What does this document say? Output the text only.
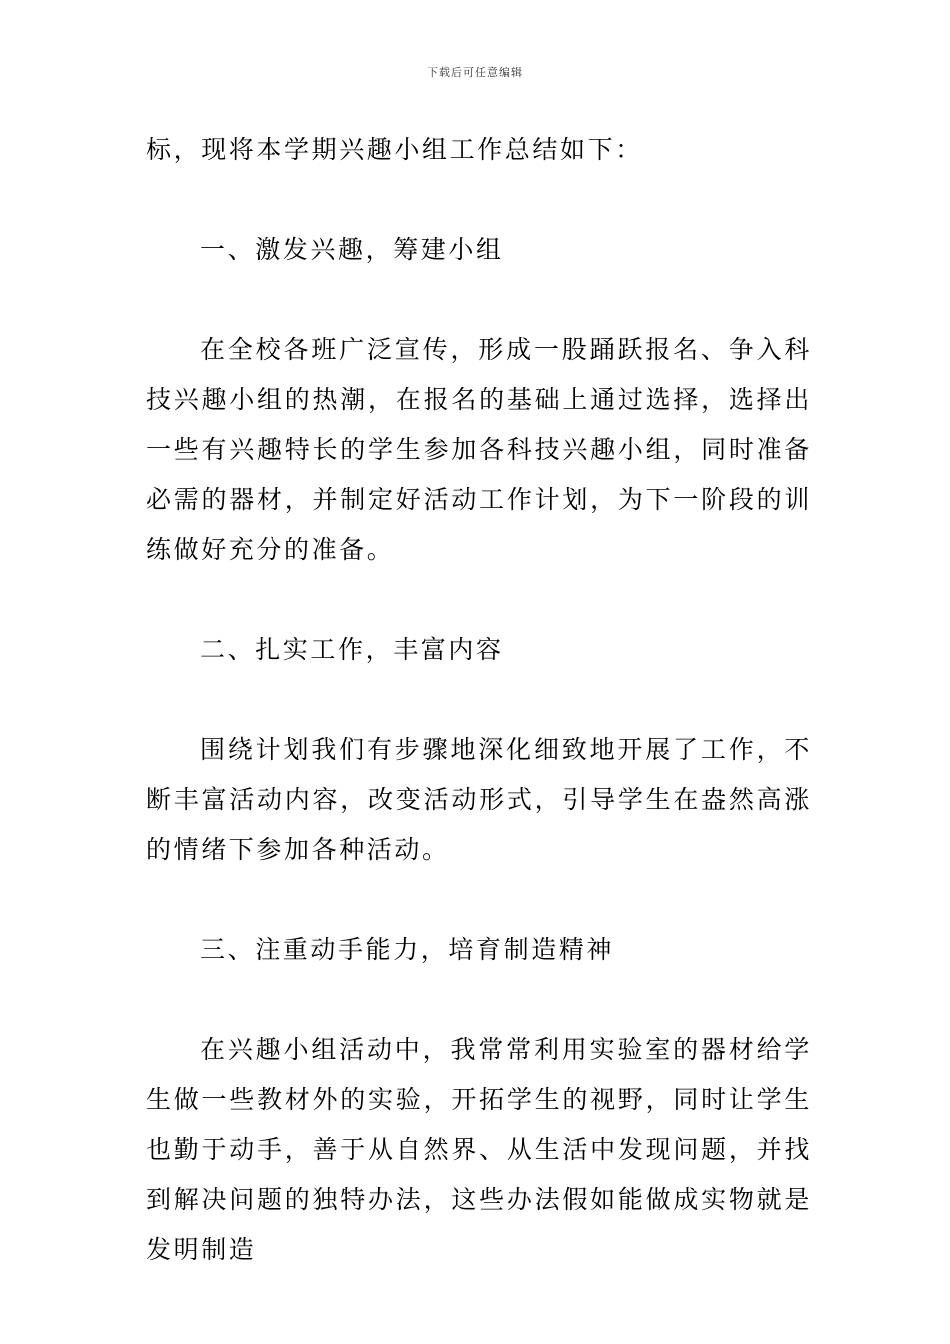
下载后可任意编辑

标，现将本学期兴趣小组工作总结如下：

一、激发兴趣，筹建小组

在全校各班广泛宣传，形成一股踊跃报名、争入科技兴趣小组的热潮，在报名的基础上通过选择，选择出一些有兴趣特长的学生参加各科技兴趣小组，同时准备必需的器材，并制定好活动工作计划，为下一阶段的训练做好充分的准备。

二、扎实工作，丰富内容

围绕计划我们有步骤地深化细致地开展了工作，不断丰富活动内容，改变活动形式，引导学生在盎然高涨的情绪下参加各种活动。

三、注重动手能力，培育制造精神

在兴趣小组活动中，我常常利用实验室的器材给学生做一些教材外的实验，开拓学生的视野，同时让学生也勤于动手，善于从自然界、从生活中发现问题，并找到解决问题的独特办法，这些办法假如能做成实物就是发明制造
